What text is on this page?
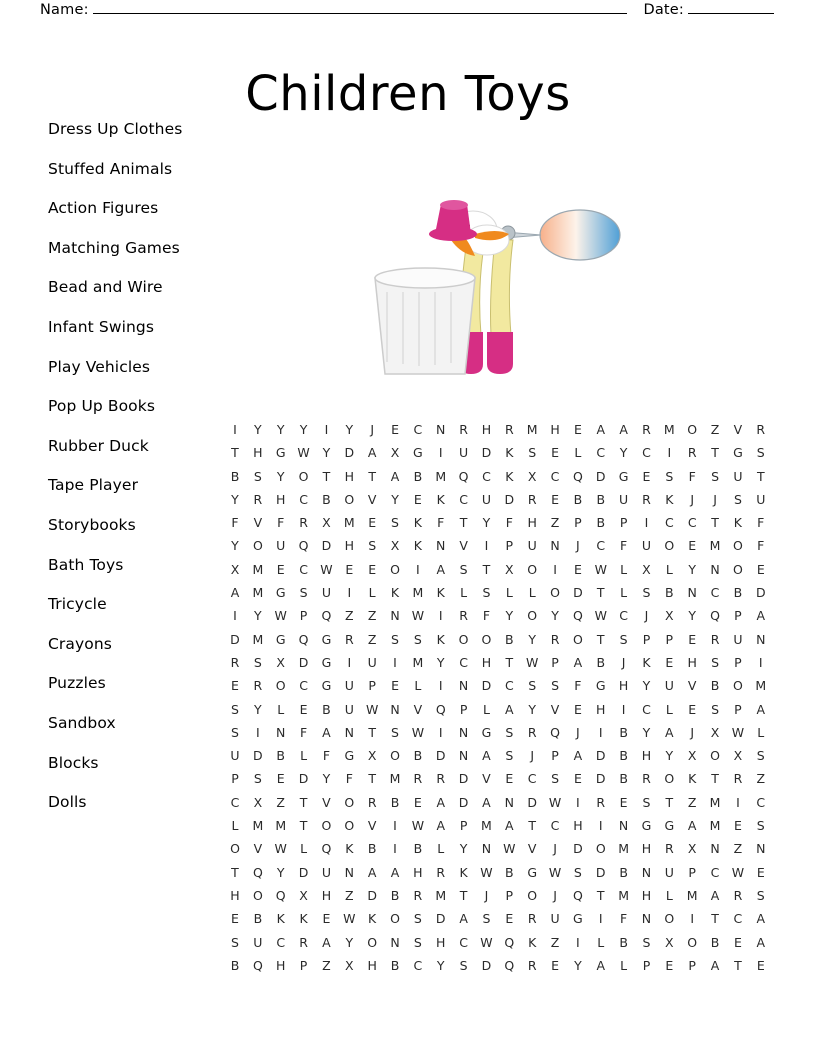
Name:	Date:
Children Toys
Dress Up Clothes
Stuffed Animals
Action Figures
Matching Games
Bead and Wire
Infant Swings
Play Vehicles
Pop Up Books
Rubber Duck
Tape Player
Storybooks
Bath Toys
Tricycle
Crayons
Puzzles
Sandbox
Blocks
Dolls
I	Y Y Y	I	Y	J	E C N R H R M H E A A R M O Z V R
T H G W Y D A X G	I	U D K S E L C Y C	I	R T G S
B S Y O T H T A B M Q C K X C Q D G E S F S U T
Y R H C B O V Y E K C U D R E B B U R K	J	J	S U
F V F R X M E S K F T Y F H Z P B P	I	C C T K F
Y O U Q D H S X K N V	I	P U N	J	C F U O E M O F
X M E C W E E O	I	A S T X O	I	E W L X L Y N O E
A M G S U	I	L K M K L S L L O D T L S B N C B D
I	Y W P Q Z Z N W	I	R F Y O Y Q W C	J	X Y Q P A
D M G Q G R Z S S K O O B Y R O T S P P E R U N
R S X D G	I	U	I	M Y C H T W P A B	J	K E H S P	I
E R O C G U P E L	I	N D C S S F G H Y U V B O M
S Y L E B U W N V Q P L A Y V E H	I	C L E S P A
S	I	N F A N T S W	I	N G S R Q	J	I	B Y A	J	X W L
U D B L F G X O B D N A S	J	P A D B H Y X O X S
P S E D Y F T M R R D V E C S E D B R O K T R Z
C X Z T V O R B E A D A N D W	I	R E S T Z M	I	C
L M M T O O V	I	W A P M A T C H	I	N G G A M E S
O V W L Q K B	I	B L Y N W V	J	D O M H R X N Z N
T Q Y D U N A A H R K W B G W S D B N U P C W E
H O Q X H Z D B R M T	J	P O	J	Q T M H L M A R S
E B K K E W K O S D A S E R U G	I	F N O	I	T C A
S U C R A Y O N S H C W Q K Z	I	L B S X O B E A
B Q H P Z X H B C Y S D Q R E Y A L P E P A T E
